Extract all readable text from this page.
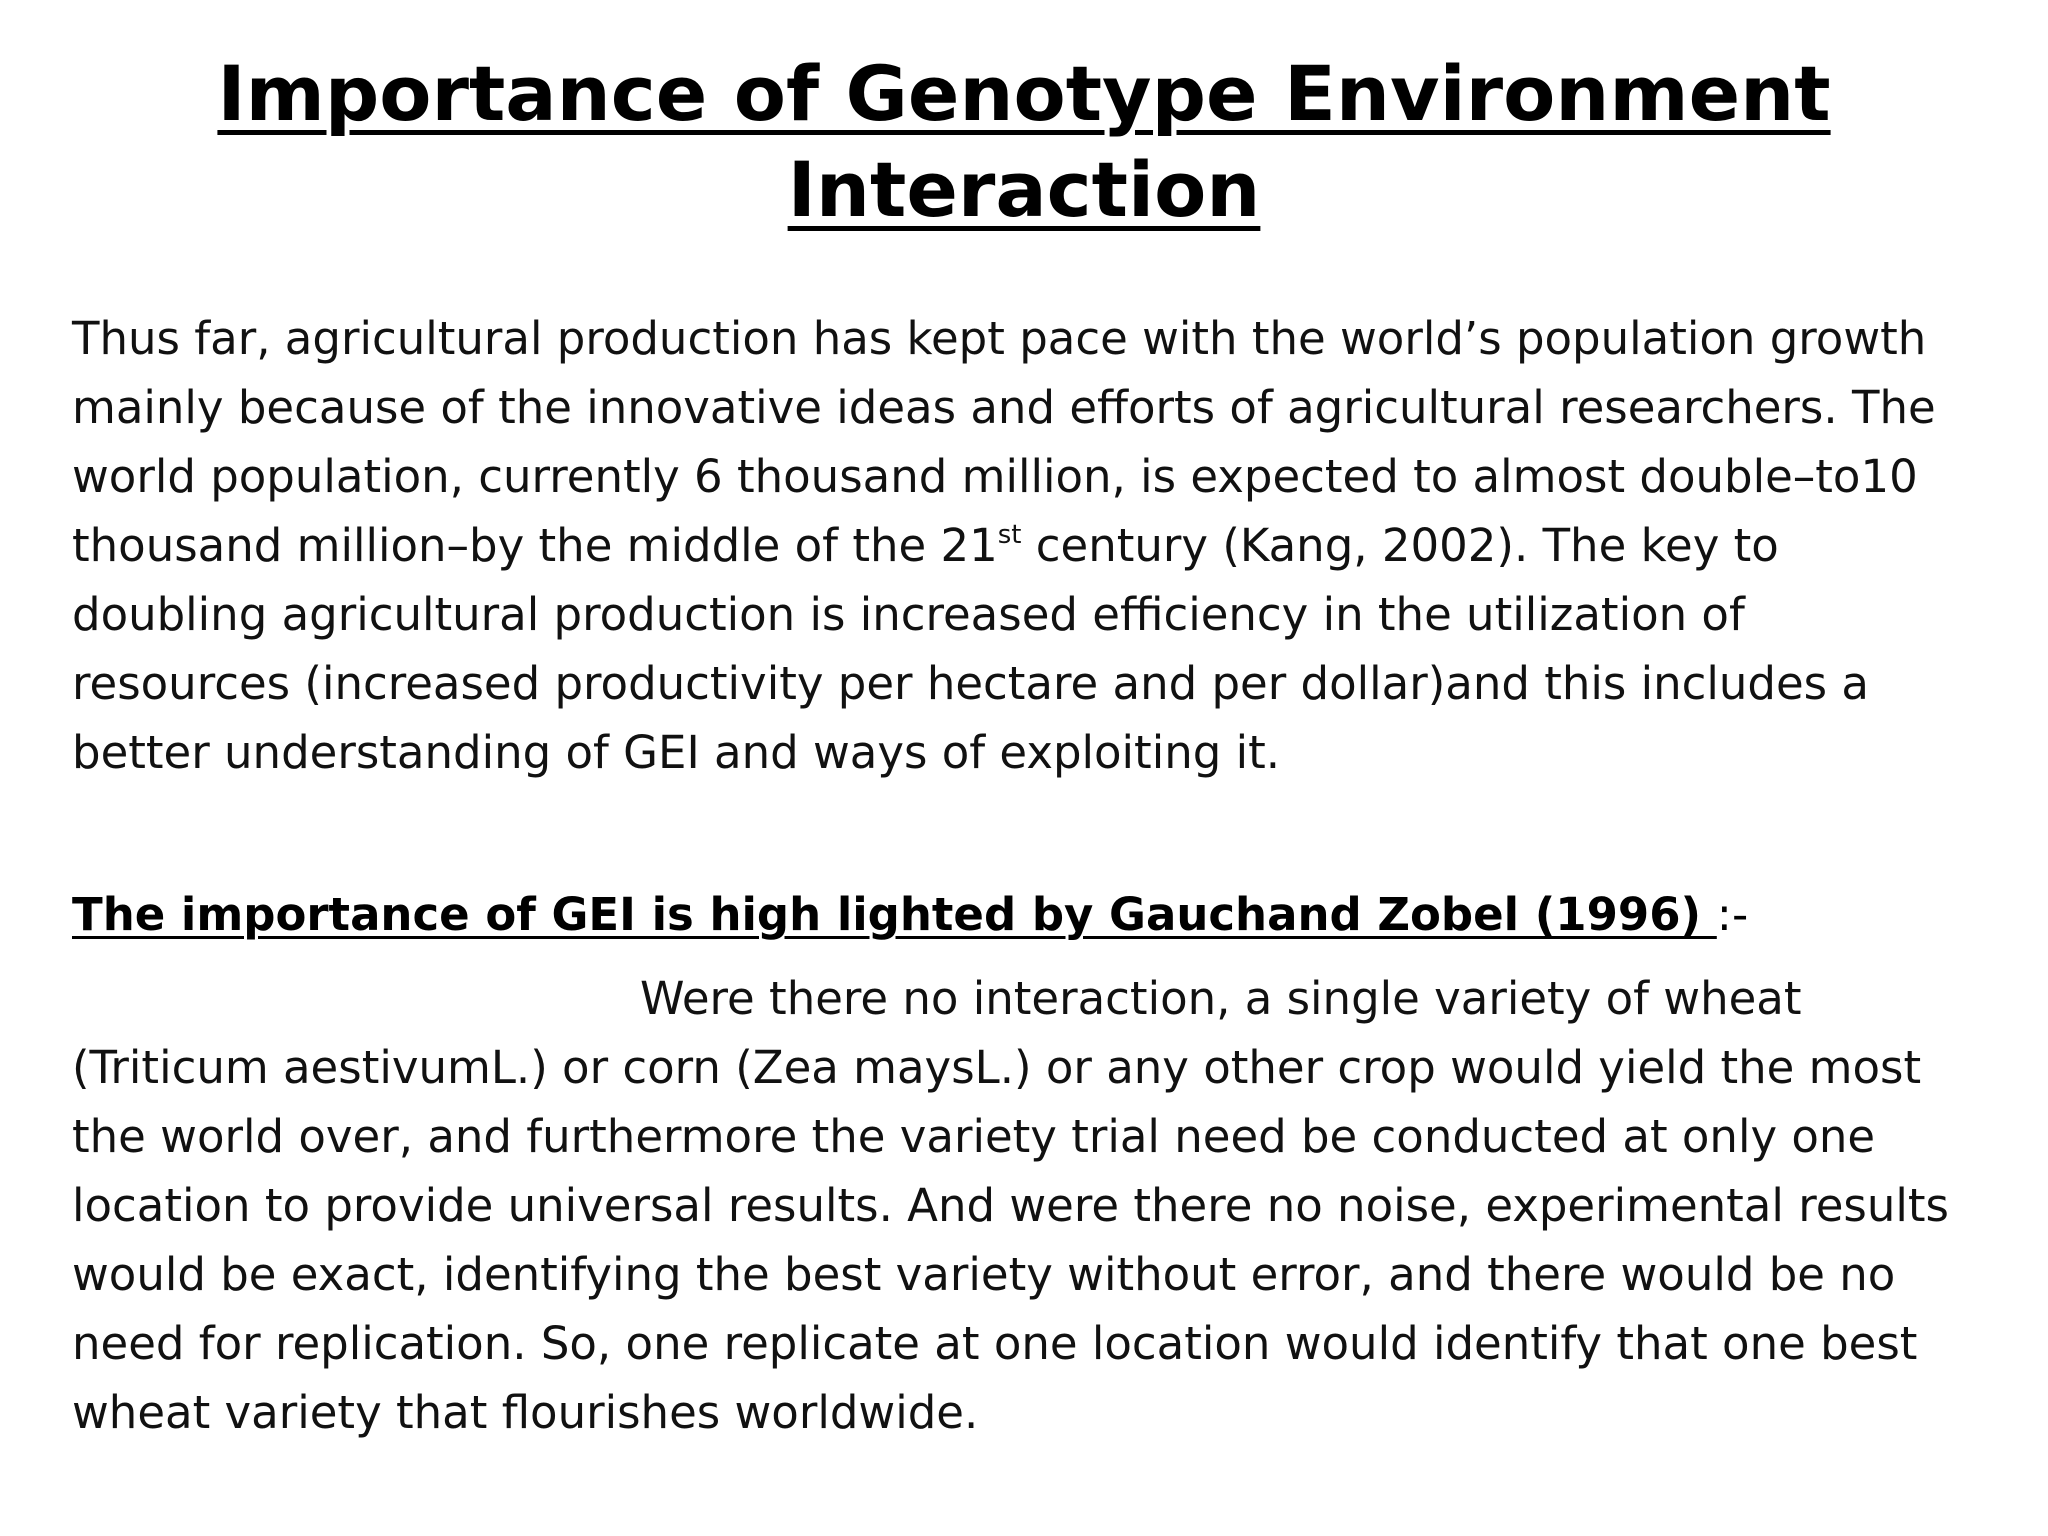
Importance of Genotype Environment
Interaction
Thus far, agricultural production has kept pace with the world’s population growth
mainly because of the innovative ideas and efforts of agricultural researchers. The
world population, currently 6 thousand million, is expected to almost double–to10
thousand million–by the middle of the 21st century (Kang, 2002). The key to
doubling agricultural production is increased efficiency in the utilization of
resources (increased productivity per hectare and per dollar)and this includes a
better understanding of GEI and ways of exploiting it.
The importance of GEI is high lighted by Gauchand Zobel (1996) :-
Were there no interaction, a single variety of wheat
(Triticum aestivumL.) or corn (Zea maysL.) or any other crop would yield the most
the world over, and furthermore the variety trial need be conducted at only one
location to provide universal results. And were there no noise, experimental results
would be exact, identifying the best variety without error, and there would be no
need for replication. So, one replicate at one location would identify that one best
wheat variety that flourishes worldwide.
